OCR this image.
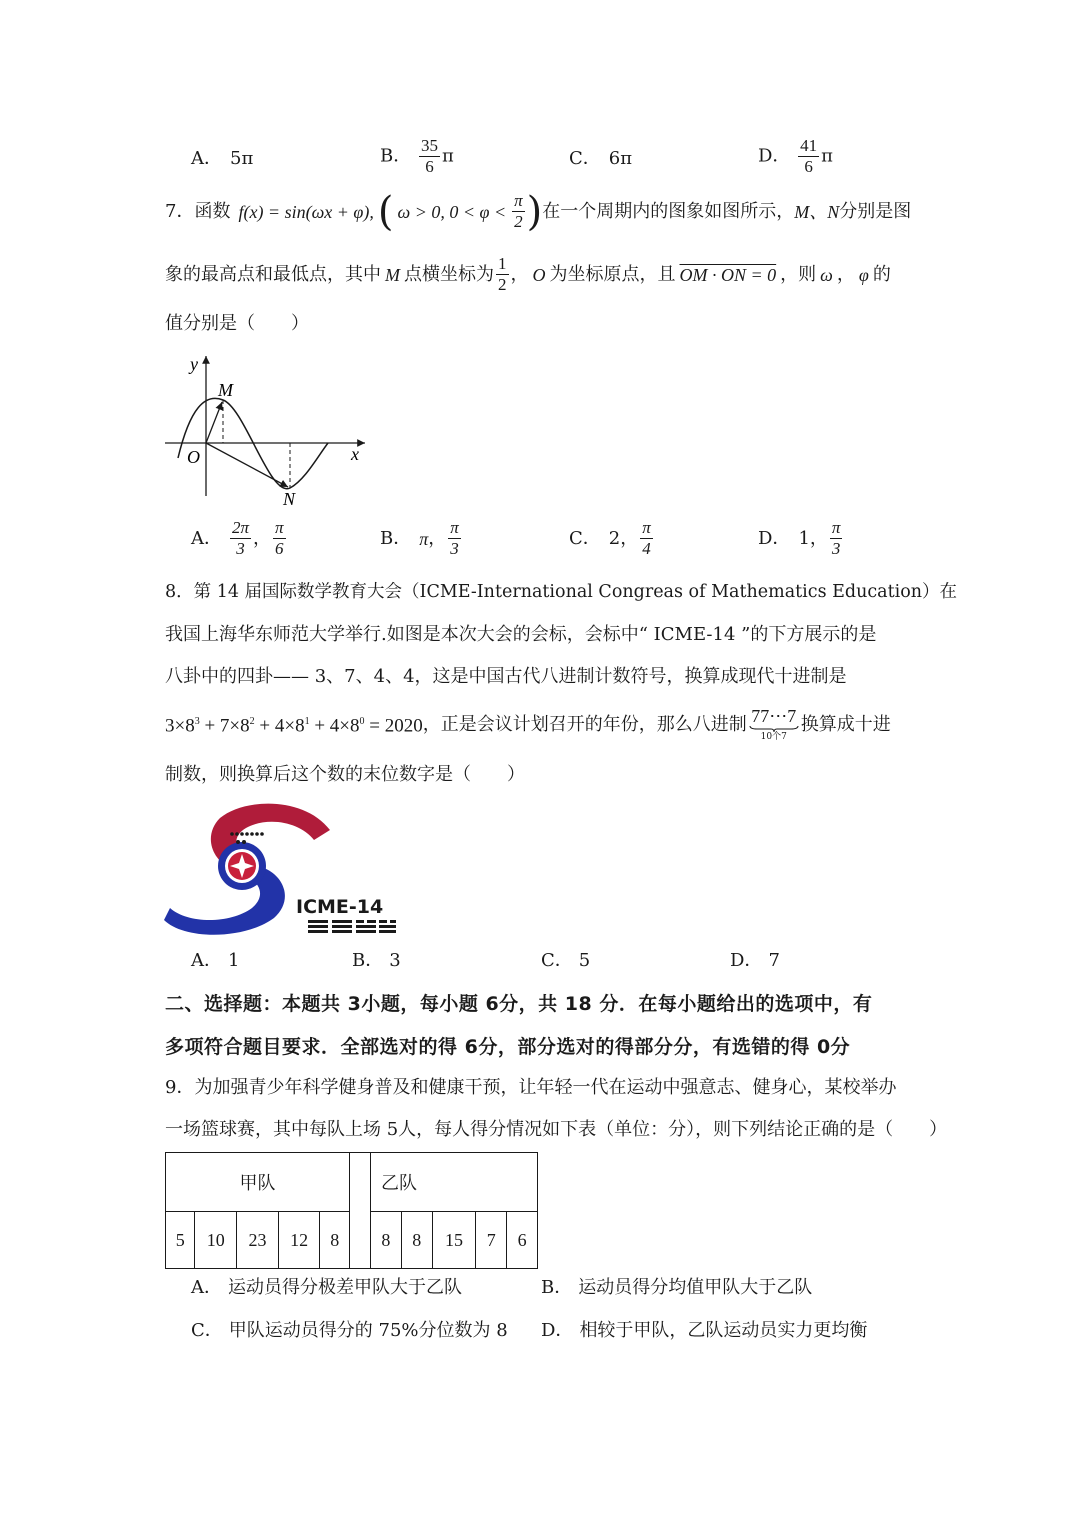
A． 5π	B． $\frac{35}{6}$ π	C． 6π	D． $\frac{41}{6}$ π
7．函数 f(x) = sin(ωx + φ), ( ω > 0, $0 < \varphi < \frac{\pi}{2}$ ) 在一个周期内的图象如图所示， M、N 分别是图
象的最高点和最低点，其中 M 点横坐标为 $\frac{1}{2}$ ， O 为坐标原点，且 OM · ON = 0 ，则 ω ， φ 的
值分别是（　　）
y
M
O	x
N
A． $\frac{2\pi}{3}$ ， $\frac{\pi}{6}$	B． π ， $\frac{\pi}{3}$	C． 2 ， $\frac{\pi}{4}$	D． 1 ， $\frac{\pi}{3}$
8．第 14 届国际数学教育大会（ICME-International Congreas of Mathematics Education）在
我国上海华东师范大学举行.如图是本次大会的会标，会标中“ ICME-14 ”的下方展示的是
八卦中的四卦—— 3、7、4、4，这是中国古代八进制计数符号，换算成现代十进制是
$3\times 8^3 + 7\times 8^2 + 4\times 8^1 + 4\times 8^0 = 2020$ ，正是会议计划召开的年份，那么八进制 77⋯7
10个7
换算成十进
制数，则换算后这个数的末位数字是（　　）
ICME-14
A． 1	B． 3	C． 5	D． 7
二、选择题：本题共 3小题，每小题 6分，共 18 分．在每小题给出的选项中，有
多项符合题目要求．全部选对的得 6分，部分选对的得部分分，有选错的得 0分
9．为加强青少年科学健身普及和健康干预，让年轻一代在运动中强意志、健身心，某校举办
一场篮球赛，其中每队上场 5人，每人得分情况如下表（单位：分），则下列结论正确的是（　　）
甲队						乙队				
5	10	23	12	8		8	8	15	7	6
A． 运动员得分极差甲队大于乙队	B． 运动员得分均值甲队大于乙队
C． 甲队运动员得分的 75%分位数为 8 D． 相较于甲队，乙队运动员实力更均衡
